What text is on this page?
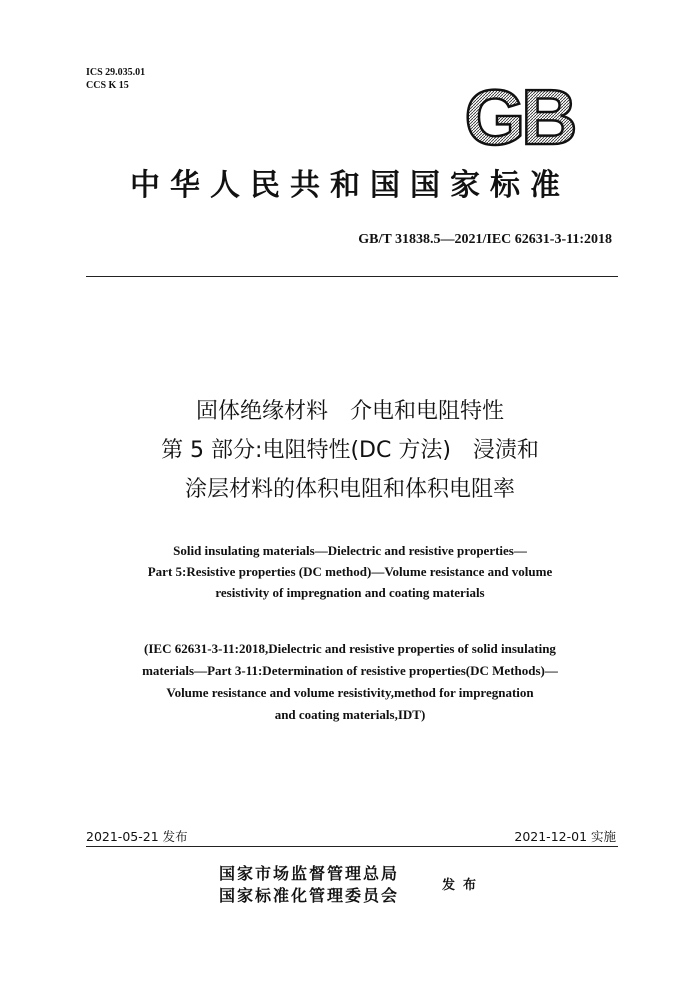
ICS 29.035.01
CCS K 15	GB
中华人民共和国国家标准
GB/T 31838.5—2021/IEC 62631-3-11:2018
固体绝缘材料　介电和电阻特性
第 5 部分:电阻特性(DC 方法)　浸渍和
涂层材料的体积电阻和体积电阻率
Solid insulating materials—Dielectric and resistive properties—
Part 5:Resistive properties (DC method)—Volume resistance and volume
resistivity of impregnation and coating materials
(IEC 62631-3-11:2018,Dielectric and resistive properties of solid insulating
materials—Part 3-11:Determination of resistive properties(DC Methods)—
Volume resistance and volume resistivity,method for impregnation
and coating materials,IDT)
2021-05-21 发布	2021-12-01 实施
国家市场监督管理总局
国家标准化管理委员会
发布
